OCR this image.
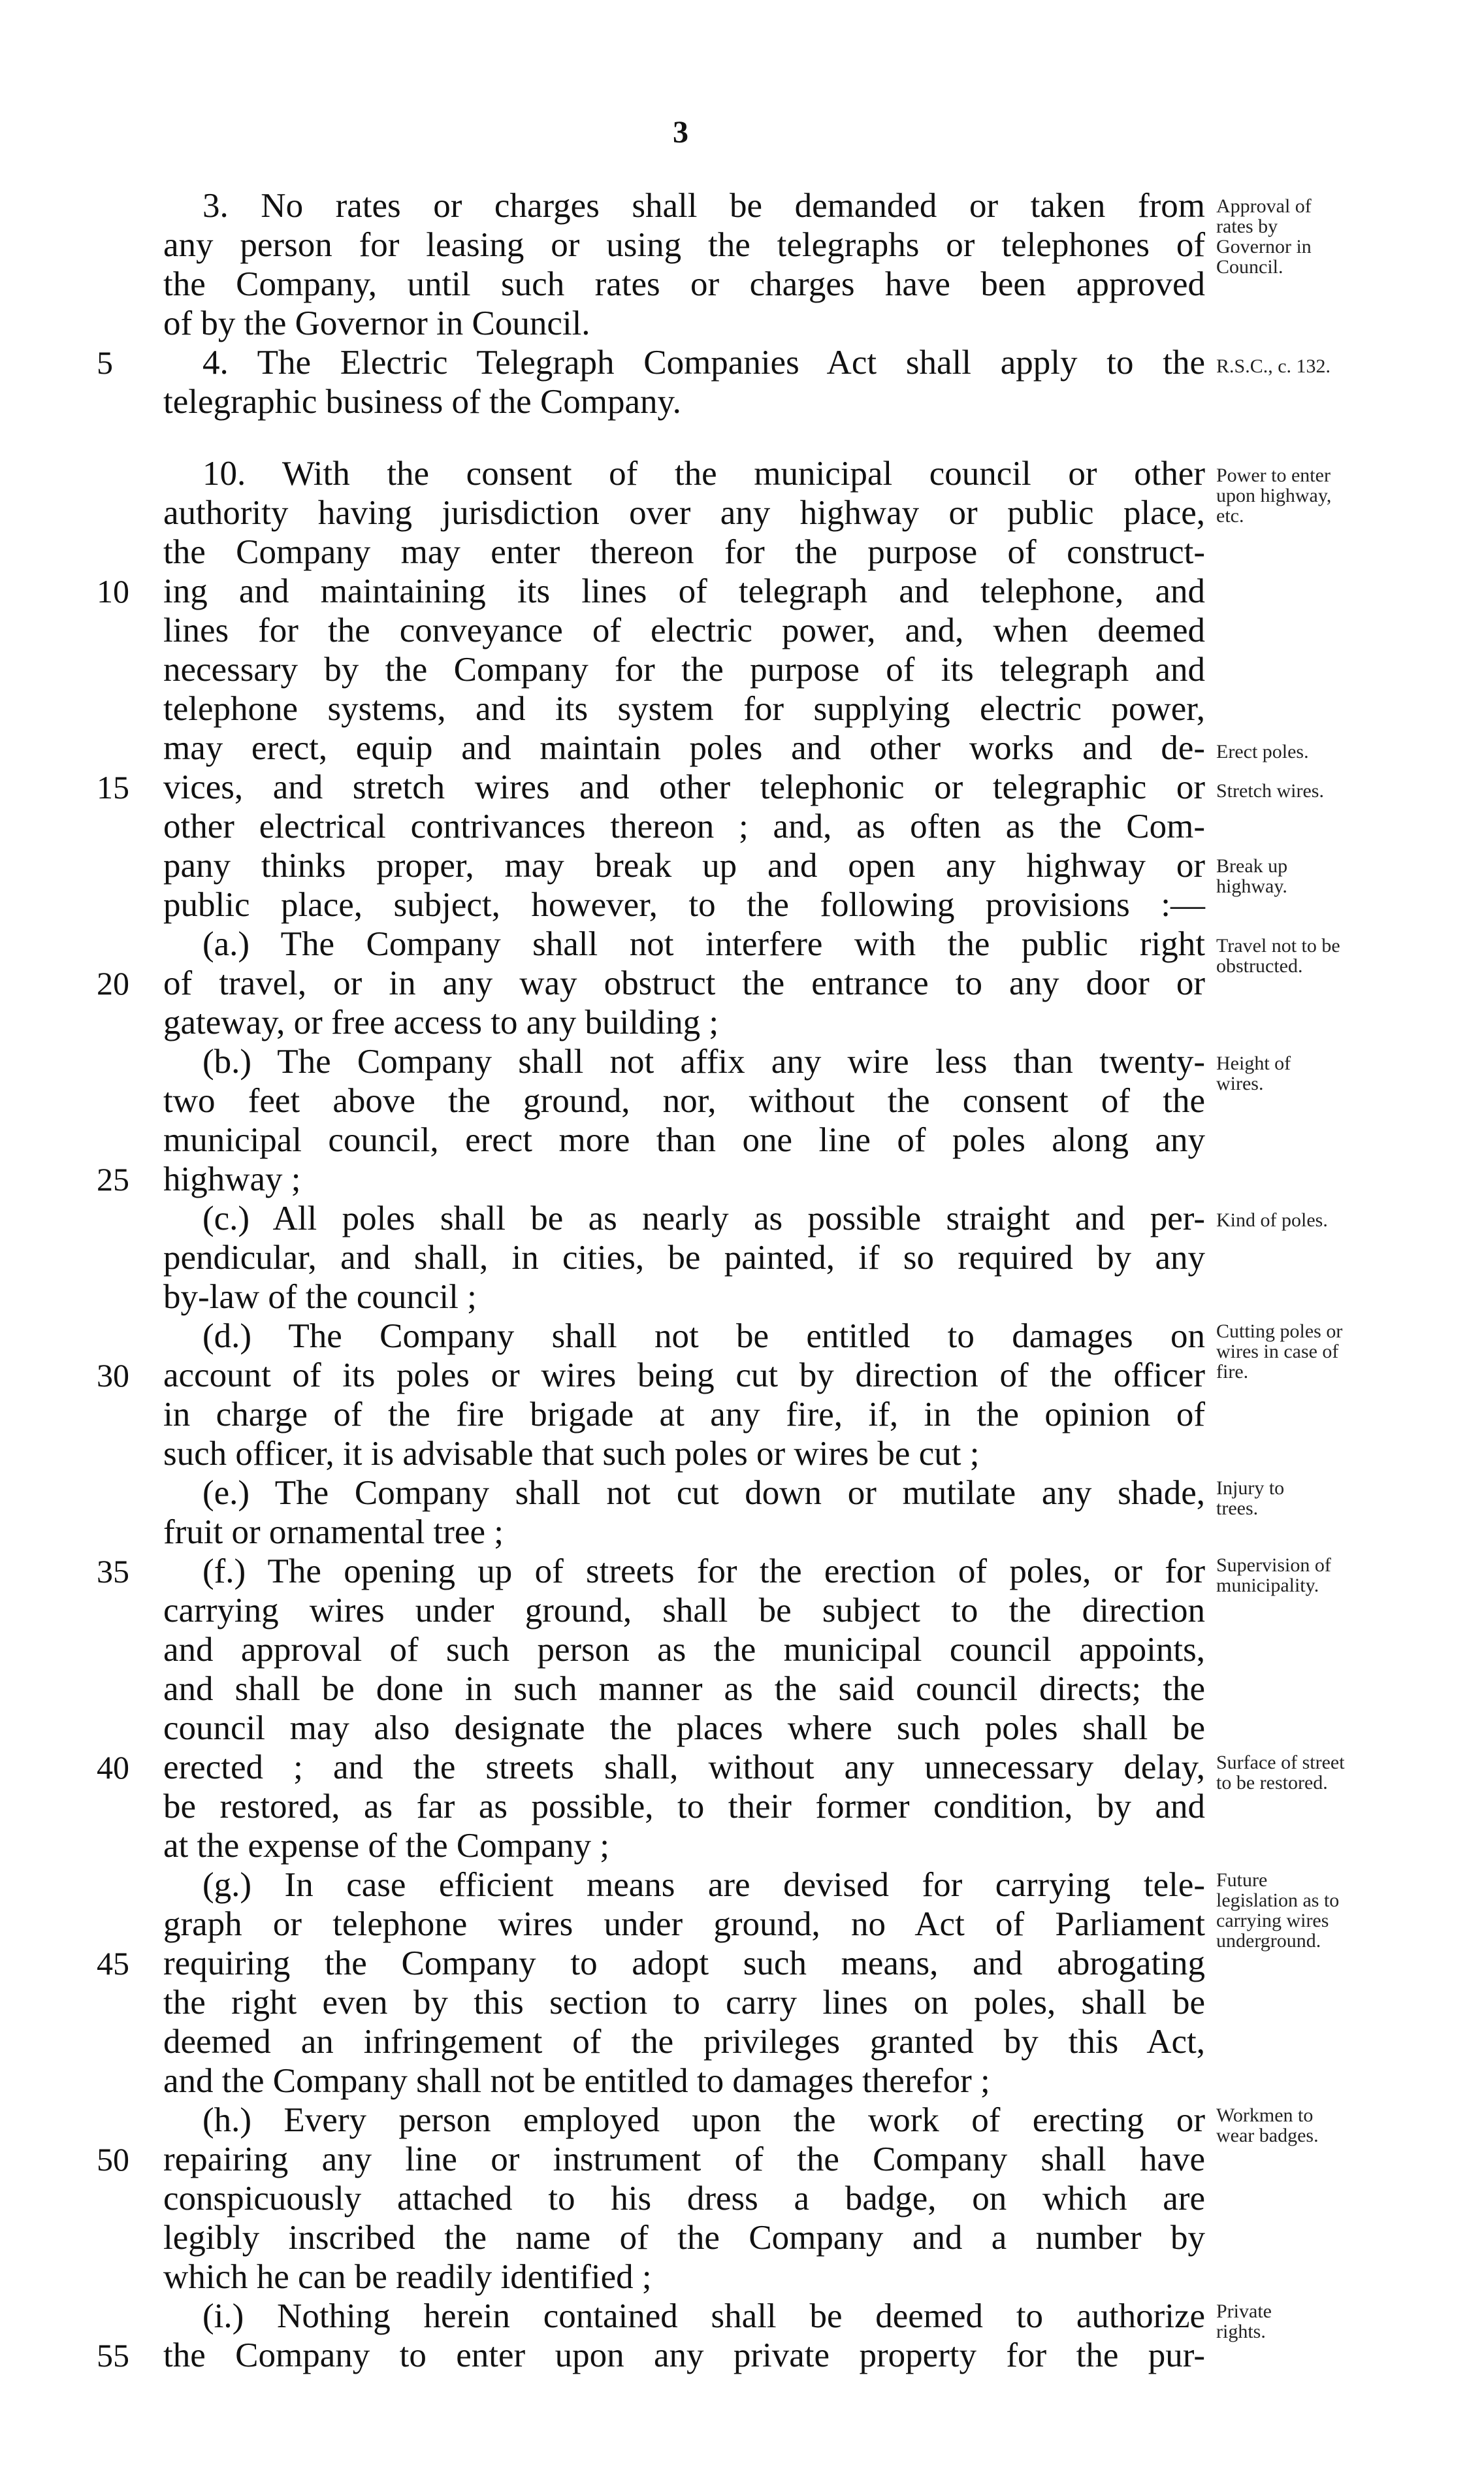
3
3. No rates or charges shall be demanded or taken from
any person for leasing or using the telegraphs or telephones of
the Company, until such rates or charges have been approved
of by the Governor in Council.
4. The Electric Telegraph Companies Act shall apply to the
telegraphic business of the Company.
10. With the consent of the municipal council or other
authority having jurisdiction over any highway or public place,
the Company may enter thereon for the purpose of construct-
ing and maintaining its lines of telegraph and telephone, and
lines for the conveyance of electric power, and, when deemed
necessary by the Company for the purpose of its telegraph and
telephone systems, and its system for supplying electric power,
may erect, equip and maintain poles and other works and de-
vices, and stretch wires and other telephonic or telegraphic or
other electrical contrivances thereon ; and, as often as the Com-
pany thinks proper, may break up and open any highway or
public place, subject, however, to the following provisions :—
(a.) The Company shall not interfere with the public right
of travel, or in any way obstruct the entrance to any door or
gateway, or free access to any building ;
(b.) The Company shall not affix any wire less than twenty-
two feet above the ground, nor, without the consent of the
municipal council, erect more than one line of poles along any
highway ;
(c.) All poles shall be as nearly as possible straight and per-
pendicular, and shall, in cities, be painted, if so required by any
by-law of the council ;
(d.) The Company shall not be entitled to damages on
account of its poles or wires being cut by direction of the officer
in charge of the fire brigade at any fire, if, in the opinion of
such officer, it is advisable that such poles or wires be cut ;
(e.) The Company shall not cut down or mutilate any shade,
fruit or ornamental tree ;
(f.) The opening up of streets for the erection of poles, or for
carrying wires under ground, shall be subject to the direction
and approval of such person as the municipal council appoints,
and shall be done in such manner as the said council directs; the
council may also designate the places where such poles shall be
erected ; and the streets shall, without any unnecessary delay,
be restored, as far as possible, to their former condition, by and
at the expense of the Company ;
(g.) In case efficient means are devised for carrying tele-
graph or telephone wires under ground, no Act of Parliament
requiring the Company to adopt such means, and abrogating
the right even by this section to carry lines on poles, shall be
deemed an infringement of the privileges granted by this Act,
and the Company shall not be entitled to damages therefor ;
(h.) Every person employed upon the work of erecting or
repairing any line or instrument of the Company shall have
conspicuously attached to his dress a badge, on which are
legibly inscribed the name of the Company and a number by
which he can be readily identified ;
(i.) Nothing herein contained shall be deemed to authorize
the Company to enter upon any private property for the pur-
5
10
15
20
25
30
35
40
45
50
55
Approval of rates by Governor in Council.
R.S.C., c. 132.
Power to enter upon highway, etc.
Erect poles.
Stretch wires.
Break up highway.
Travel not to be obstructed.
Height of wires.
Kind of poles.
Cutting poles or wires in case of fire.
Injury to trees.
Supervision of municipality.
Surface of street to be restored.
Future legislation as to carrying wires underground.
Workmen to wear badges.
Private rights.
